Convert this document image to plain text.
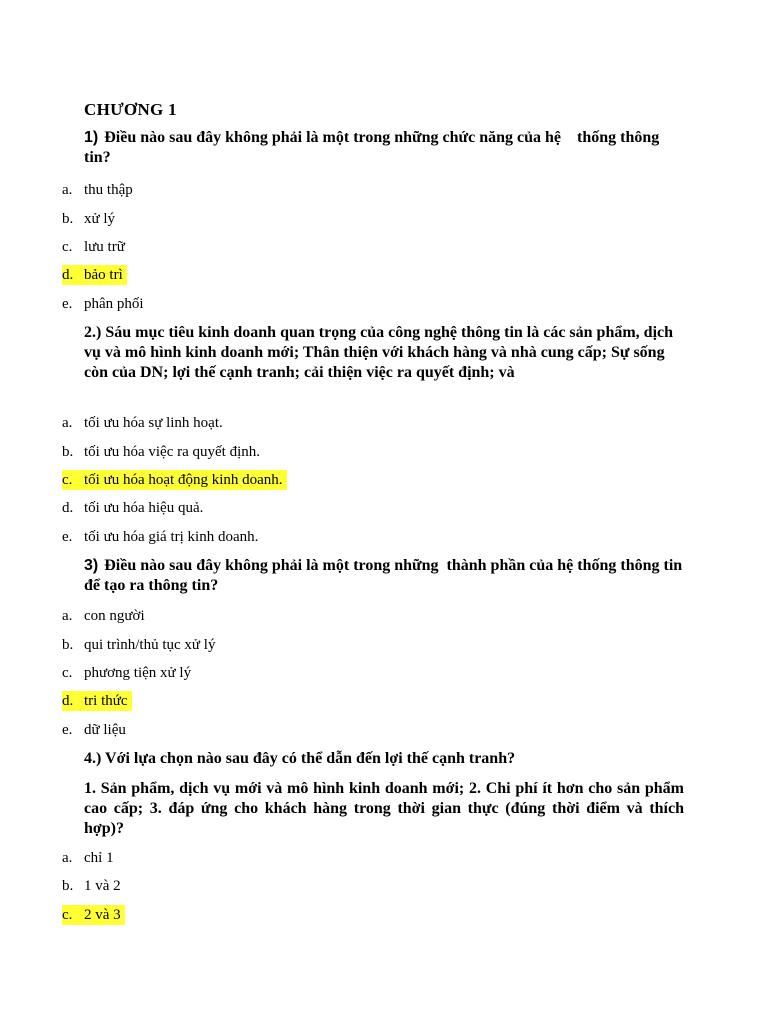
CHƯƠNG 1
1) Điều nào sau đây không phải là một trong những chức năng của hệ    thống thông tin?
a. thu thập
b. xử lý
c. lưu trữ
d. bảo trì
e. phân phối
2.) Sáu mục tiêu kinh doanh quan trọng của công nghệ thông tin là các sản phẩm, dịch vụ và mô hình kinh doanh mới; Thân thiện với khách hàng và nhà cung cấp; Sự sống còn của DN; lợi thế cạnh tranh; cải thiện việc ra quyết định; và
a. tối ưu hóa sự linh hoạt.
b. tối ưu hóa việc ra quyết định.
c. tối ưu hóa hoạt động kinh doanh.
d. tối ưu hóa hiệu quả.
e. tối ưu hóa giá trị kinh doanh.
3) Điều nào sau đây không phải là một trong những  thành phần của hệ thống thông tin để tạo ra thông tin?
a. con người
b. qui trình/thủ tục xử lý
c. phương tiện xử lý
d. tri thức
e. dữ liệu
4.) Với lựa chọn nào sau đây có thể dẫn đến lợi thế cạnh tranh?
1. Sản phẩm, dịch vụ mới và mô hình kinh doanh mới; 2. Chi phí ít hơn cho sản phẩm cao cấp; 3. đáp ứng cho khách hàng trong thời gian thực (đúng thời điểm và thích hợp)?
a. chỉ 1
b. 1 và 2
c. 2 và 3
